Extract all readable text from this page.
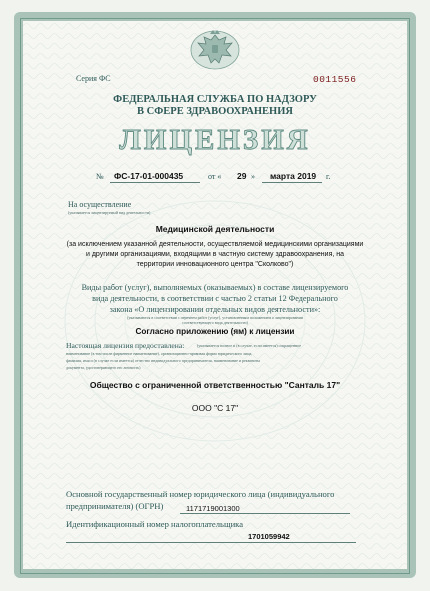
Серия ФС	0011556
ФЕДЕРАЛЬНАЯ СЛУЖБА ПО НАДЗОРУ
В СФЕРЕ ЗДРАВООХРАНЕНИЯ
ЛИЦЕНЗИЯ
№ ФС-17-01-000435	от « 29 » марта 2019 г.
На осуществление
(указывается лицензируемый вид деятельности)
Медицинской деятельности
(за исключением указанной деятельности, осуществляемой медицинскими организациями
и другими организациями, входящими в частную систему здравоохранения, на
территории инновационного центра "Сколково")
Виды работ (услуг), выполняемых (оказываемых) в составе лицензируемого
вида деятельности, в соответствии с частью 2 статьи 12 Федерального
закона «О лицензировании отдельных видов деятельности»:
(указываются в соответствии с перечнем работ (услуг), установленным положением о лицензировании
соответствующего вида деятельности)
Согласно приложению (ям) к лицензии
Настоящая лицензия предоставлена:	(указывается полное и (в случае, если имеется) сокращенное
наименование (в том числе фирменное наименование), организационно-правовая форма юридического лица,
фамилия, имя и (в случае если имеется) отчество индивидуального предпринимателя, наименование и реквизиты
документа, удостоверяющего его личность)
Общество с ограниченной ответственностью "Санталь 17"
ООО "С 17"
Основной государственный номер юридического лица (индивидуального
предпринимателя) (ОГРН)	1171719001300
Идентификационный номер налогоплательщика
1701059942
